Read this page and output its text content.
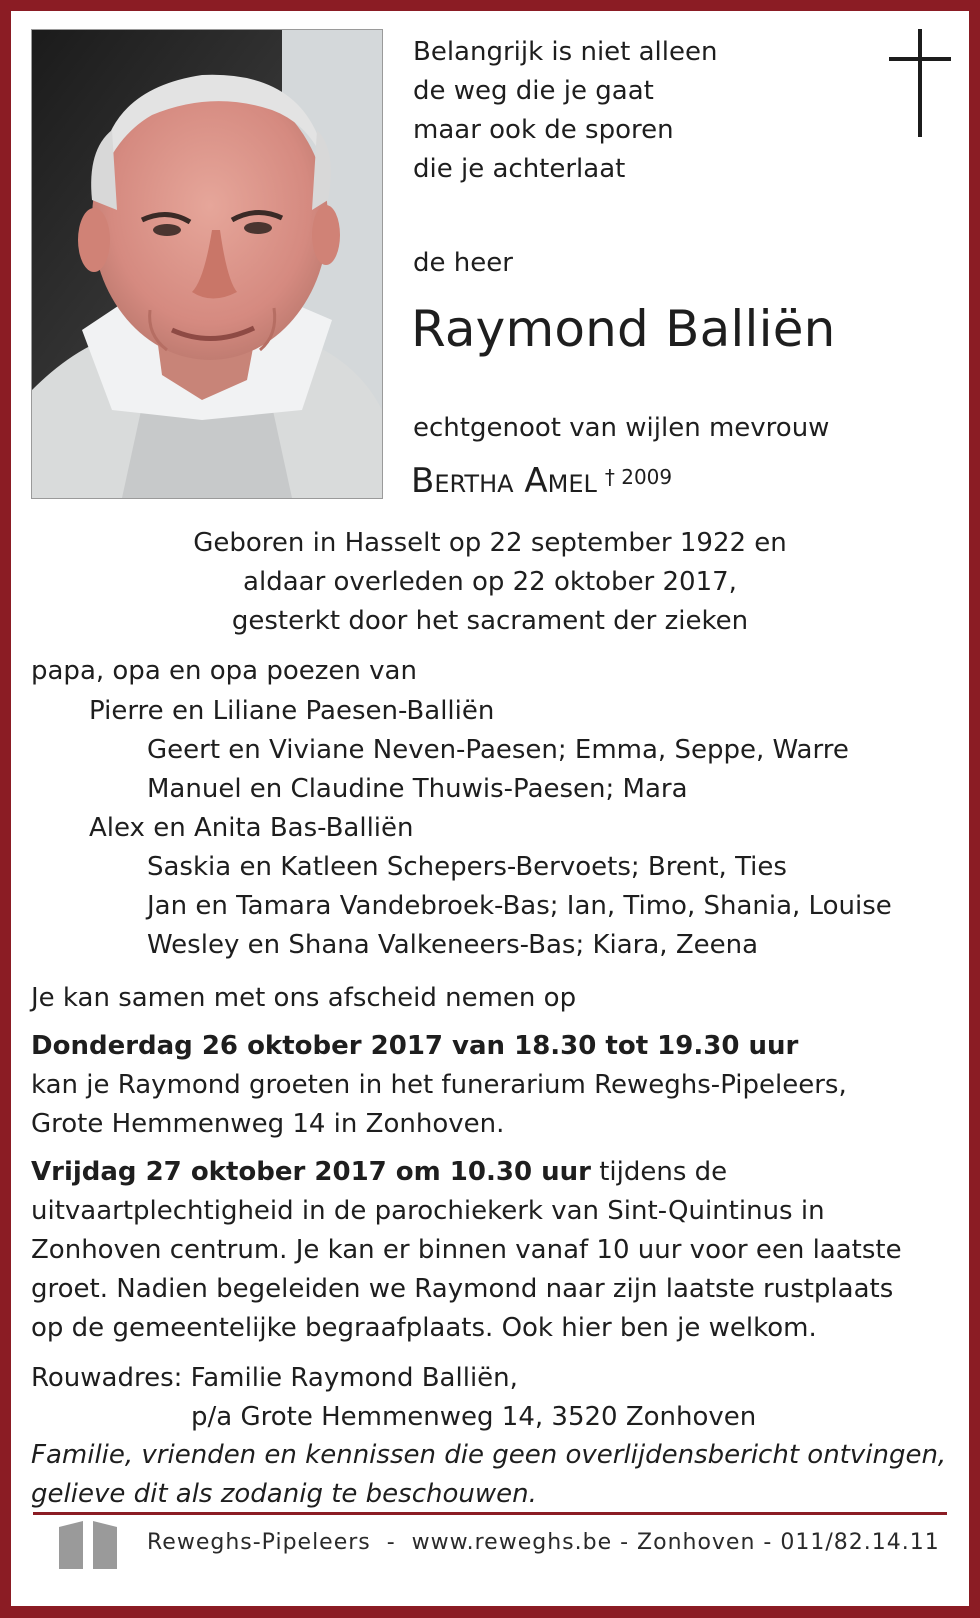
Belangrijk is niet alleen
de weg die je gaat
maar ook de sporen
die je achterlaat
de heer
Raymond Balliën
echtgenoot van wijlen mevrouw
Bertha Amel $^{\dagger 2009}$
Geboren in Hasselt op 22 september 1922 en
aldaar overleden op 22 oktober 2017,
gesterkt door het sacrament der zieken
papa, opa en opa poezen van
Pierre en Liliane Paesen-Balliën
Geert en Viviane Neven-Paesen; Emma, Seppe, Warre
Manuel en Claudine Thuwis-Paesen; Mara
Alex en Anita Bas-Balliën
Saskia en Katleen Schepers-Bervoets; Brent, Ties
Jan en Tamara Vandebroek-Bas; Ian, Timo, Shania, Louise
Wesley en Shana Valkeneers-Bas; Kiara, Zeena
Je kan samen met ons afscheid nemen op
Donderdag 26 oktober 2017 van 18.30 tot 19.30 uur
kan je Raymond groeten in het funerarium Reweghs-Pipeleers,
Grote Hemmenweg 14 in Zonhoven.
Vrijdag 27 oktober 2017 om 10.30 uur tijdens de
uitvaartplechtigheid in de parochiekerk van Sint-Quintinus in
Zonhoven centrum. Je kan er binnen vanaf 10 uur voor een laatste
groet. Nadien begeleiden we Raymond naar zijn laatste rustplaats
op de gemeentelijke begraafplaats. Ook hier ben je welkom.
Rouwadres: Familie Raymond Balliën,
p/a Grote Hemmenweg 14, 3520 Zonhoven
Familie, vrienden en kennissen die geen overlijdensbericht ontvingen,
gelieve dit als zodanig te beschouwen.
Reweghs-Pipeleers  -  www.reweghs.be - Zonhoven - 011/82.14.11
